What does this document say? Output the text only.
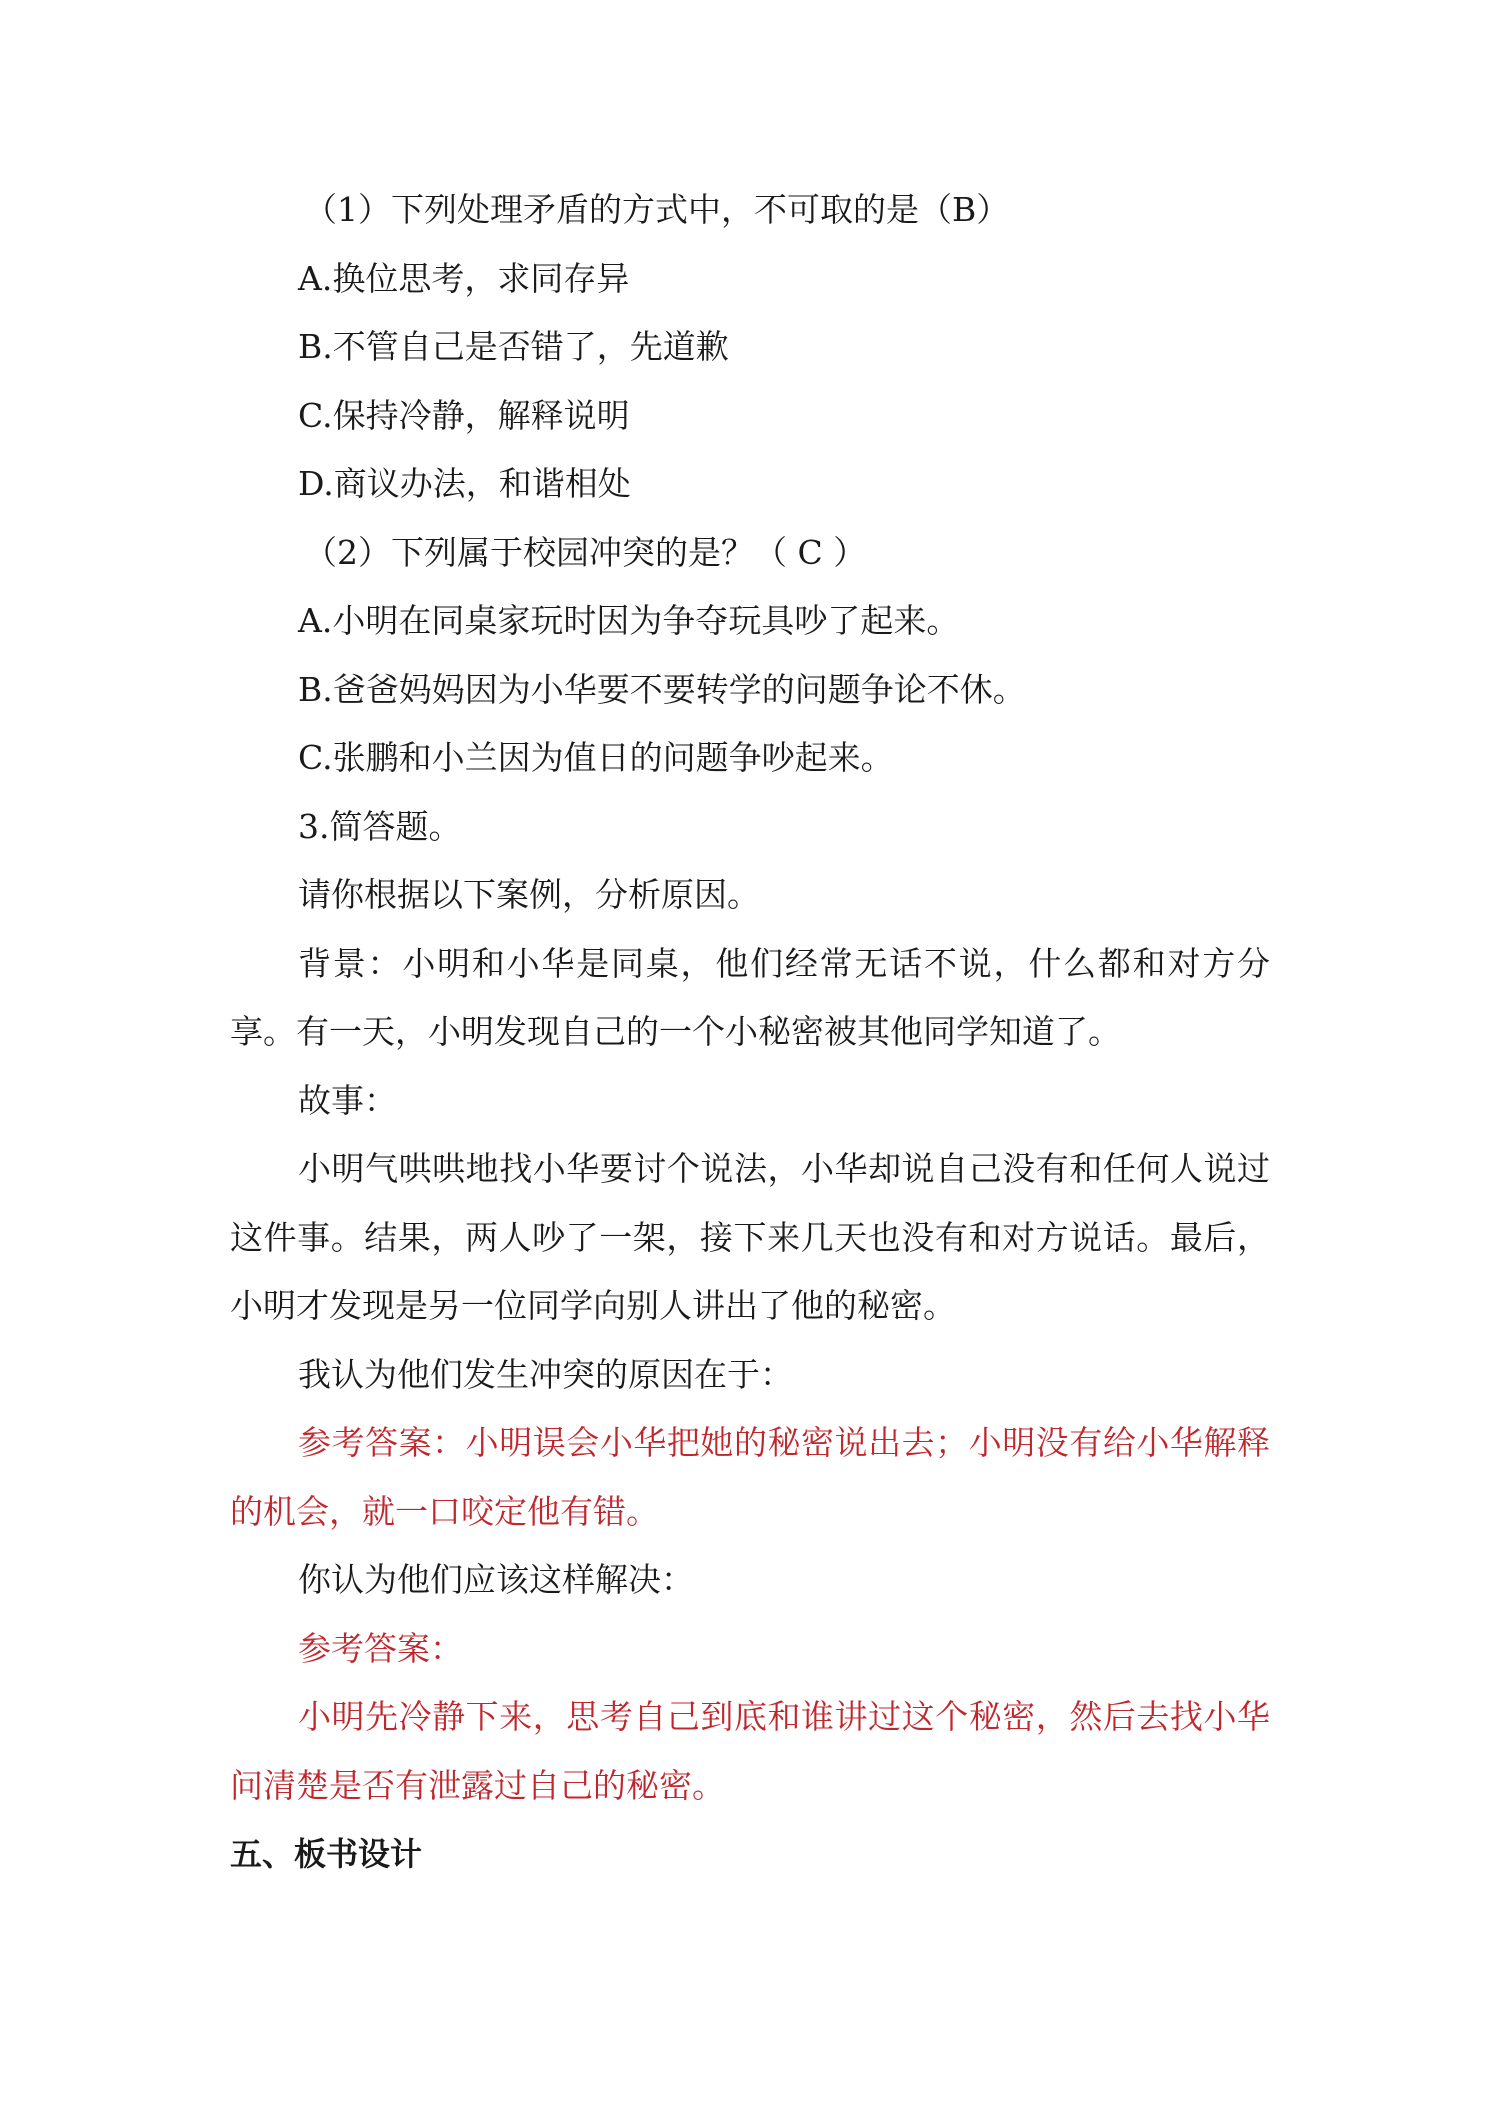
（1）下列处理矛盾的方式中，不可取的是（B）
A.换位思考，求同存异
B.不管自己是否错了，先道歉
C.保持冷静，解释说明
D.商议办法，和谐相处
（2）下列属于校园冲突的是？（ C ）
A.小明在同桌家玩时因为争夺玩具吵了起来。
B.爸爸妈妈因为小华要不要转学的问题争论不休。
C.张鹏和小兰因为值日的问题争吵起来。
3.简答题。
请你根据以下案例，分析原因。

背景：小明和小华是同桌，他们经常无话不说，什么都和对方分享。有一天，小明发现自己的一个小秘密被其他同学知道了。

故事：

小明气哄哄地找小华要讨个说法，小华却说自己没有和任何人说过这件事。结果，两人吵了一架，接下来几天也没有和对方说话。最后，小明才发现是另一位同学向别人讲出了他的秘密。

我认为他们发生冲突的原因在于：

参考答案：小明误会小华把她的秘密说出去；小明没有给小华解释的机会，就一口咬定他有错。

你认为他们应该这样解决：
参考答案：

小明先冷静下来，思考自己到底和谁讲过这个秘密，然后去找小华问清楚是否有泄露过自己的秘密。

五、板书设计
